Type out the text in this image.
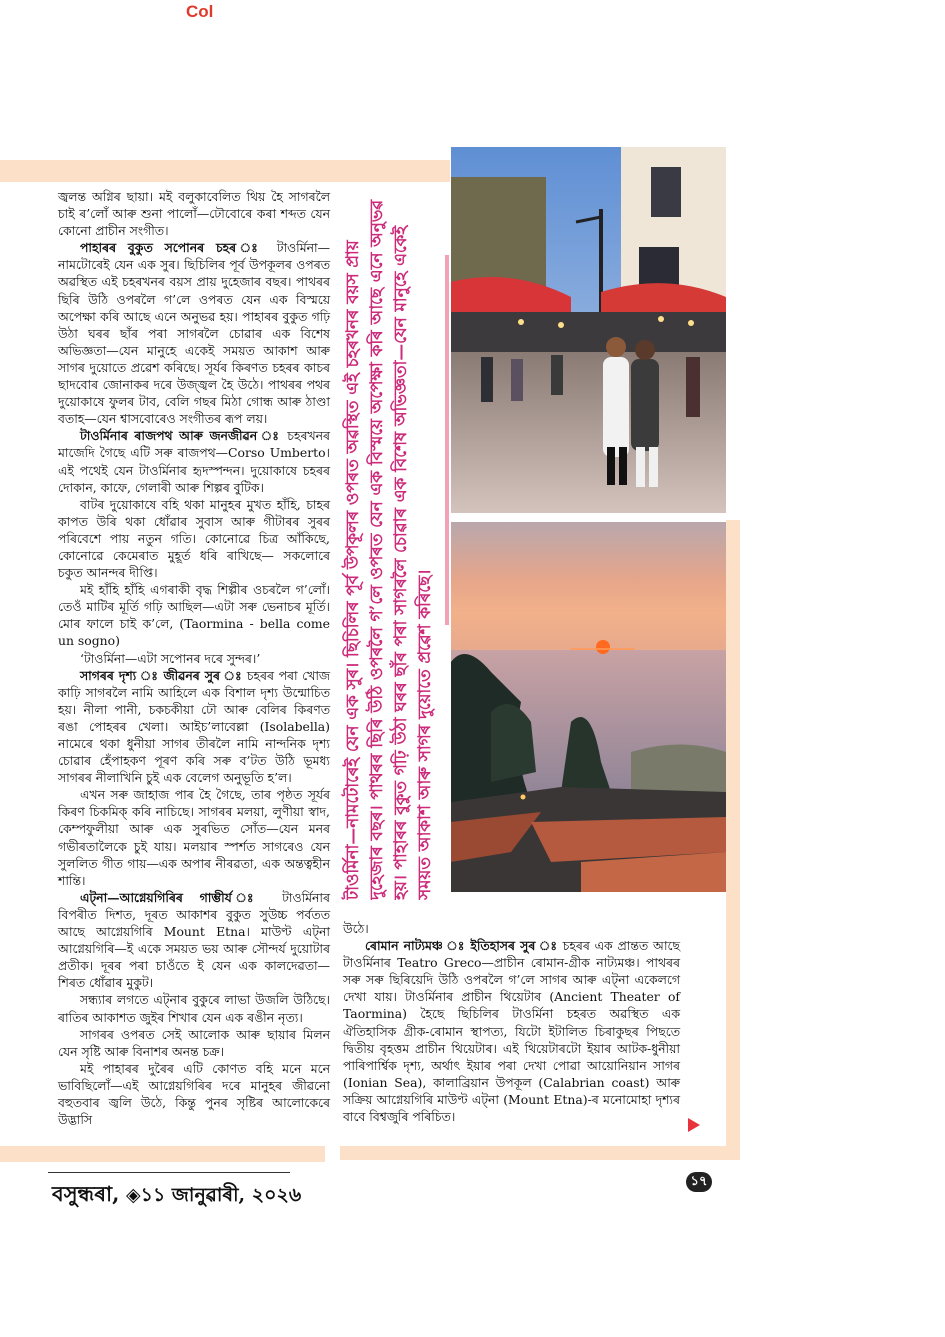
Col

জ্বলন্ত অগ্নিৰ ছায়া। মই বলুকাবেলিত থিয় হৈ সাগৰলৈ চাই ৰ’লোঁ আৰু শুনা পালোঁ—ঢৌবোৰে কৰা শব্দত যেন কোনো প্ৰাচীন সংগীত।

পাহাৰৰ বুকুত সপোনৰ চহৰ ঃ টাওৰ্মিনা—নামটোৰেই যেন এক সুৰ। ছিচিলিৰ পূৰ্ব উপকূলৰ ওপৰত অৱস্থিত এই চহৰখনৰ বয়স প্ৰায় দুহেজাৰ বছৰ। পাথৰৰ ছিৰি উঠি ওপৰলৈ গ’লে ওপৰত যেন এক বিস্ময়ে অপেক্ষা কৰি আছে এনে অনুভৱ হয়। পাহাৰৰ বুকুত গঢ়ি উঠা ঘৰৰ ছাঁৰ পৰা সাগৰলৈ চোৱাৰ এক বিশেষ অভিজ্ঞতা—যেন মানুহে একেই সময়ত আকাশ আৰু সাগৰ দুয়োতে প্ৰৱেশ কৰিছে। সূৰ্যৰ কিৰণত চহৰৰ কাচৰ ছাদবোৰ জোনাকৰ দৰে উজ্জ্বল হৈ উঠে। পাথৰৰ পথৰ দুয়োকাষে ফুলৰ টাব, বেলি গছৰ মিঠা গোন্ধ আৰু ঠাণ্ডা বতাহ—যেন শ্বাসবোৰেও সংগীতৰ ৰূপ লয়।

টাওৰ্মিনাৰ ৰাজপথ আৰু জনজীৱন ঃ চহৰখনৰ মাজেদি গৈছে এটি সৰু ৰাজপথ—Corso Umberto। এই পথেই যেন টাওৰ্মিনাৰ হৃদস্পন্দন। দুয়োকাষে চহৰৰ দোকান, কাফে, গেলাৰী আৰু শিল্পৰ বুটিক।

বাটৰ দুয়োকাষে বহি থকা মানুহৰ মুখত হাঁহি, চাহৰ কাপত উৰি থকা ধোঁৱাৰ সুবাস আৰু গীটাৰৰ সুৰৰ পৰিবেশে পায় নতুন গতি। কোনোৱে চিত্ৰ আঁকিছে, কোনোৱে কেমেৰাত মুহূৰ্ত ধৰি ৰাখিছে— সকলোৰে চকুত আনন্দৰ দীপ্তি।

মই হাঁহি হাঁহি এগৰাকী বৃদ্ধ শিল্পীৰ ওচৰলৈ গ’লোঁ। তেওঁ মাটিৰ মূৰ্তি গঢ়ি আছিল—এটা সৰু ভেনাচৰ মূৰ্তি। মোৰ ফালে চাই ক’লে, (Taormina - bella come un sogno)

‘টাওৰ্মিনা—এটা সপোনৰ দৰে সুন্দৰ।’

সাগৰৰ দৃশ্য ঃ জীৱনৰ সুৰ ঃ চহৰৰ পৰা খোজ কাঢ়ি সাগৰলৈ নামি আহিলে এক বিশাল দৃশ্য উন্মোচিত হয়। নীলা পানী, চকচকীয়া ঢৌ আৰু বেলিৰ কিৰণত ৰঙা পোহৰৰ খেলা। আইচ’লাবেল্লা (Isolabella) নামেৰে থকা ধুনীয়া সাগৰ তীৰলৈ নামি নান্দনিক দৃশ্য চোৱাৰ হেঁপাহকণ পূৰণ কৰি সৰু ব’টত উঠি ভূমধ্য সাগৰৰ নীলাখিনি চুই এক বেলেগ অনুভূতি হ’ল।

এখন সৰু জাহাজ পাৰ হৈ গৈছে, তাৰ পৃষ্ঠত সূৰ্যৰ কিৰণ চিকমিক্ কৰি নাচিছে। সাগৰৰ মলয়া, লুণীয়া স্বাদ, কেম্পফুলীয়া আৰু এক সুৰভিত সোঁত—যেন মনৰ গভীৰতালৈকে চুই যায়। মলয়াৰ স্পৰ্শত সাগৰেও যেন সুললিত গীত গায়—এক অপাৰ নীৰৱতা, এক অন্তত্বহীন শান্তি।

এট্‌না—আগ্নেয়গিৰিৰ গাম্ভীৰ্য ঃ টাওৰ্মিনাৰ বিপৰীত দিশত, দূৰত আকাশৰ বুকুত সুউচ্চ পৰ্বতত আছে আগ্নেয়গিৰি Mount Etna। মাউণ্ট এট্‌না আগ্নেয়গিৰি—ই একে সময়ত ভয় আৰু সৌন্দৰ্য দুয়োটাৰ প্ৰতীক। দূৰৰ পৰা চাওঁতে ই যেন এক কালদেৱতা— শিৰত ধোঁৱাৰ মুকুট।

সন্ধ্যাৰ লগতে এট্‌নাৰ বুকুৰে লাভা উজলি উঠিছে। ৰাতিৰ আকাশত জুইৰ শিখাৰ যেন এক ৰঙীন নৃত্য।

সাগৰৰ ওপৰত সেই আলোক আৰু ছায়াৰ মিলন যেন সৃষ্টি আৰু বিনাশৰ অনন্ত চক্ৰ।

মই পাহাৰৰ দুৰৈৰ এটি কোণত বহি মনে মনে ভাবিছিলোঁ—এই আগ্নেয়গিৰিৰ দৰে মানুহৰ জীৱনো বহুতবাৰ জ্বলি উঠে, কিন্তু পুনৰ সৃষ্টিৰ আলোকেৰে উদ্ভাসি

টাওৰ্মিনা—নামটোৰেই যেন এক সুৰ। ছিচিলিৰ পূৰ্ব উপকূলৰ ওপৰত অৱস্থিত এই চহৰখনৰ বয়স প্ৰায় দুহেজাৰ বছৰ। পাথৰৰ ছিৰি উঠি ওপৰলৈ গ’লে ওপৰত যেন এক বিস্ময়ে অপেক্ষা কৰি আছে এনে অনুভৱ হয়। পাহাৰৰ বুকুত গঢ়ি উঠা ঘৰৰ ছাঁৰ পৰা সাগৰলৈ চোৱাৰ এক বিশেষ অভিজ্ঞতা—যেন মানুহে একেই সময়ত আকাশ আৰু সাগৰ দুয়োতে প্ৰৱেশ কৰিছে।

উঠে।

ৰোমান নাট্যমঞ্চ ঃ ইতিহাসৰ সুৰ ঃ চহৰৰ এক প্ৰান্তত আছে টাওৰ্মিনাৰ Teatro Greco—প্ৰাচীন ৰোমান-গ্ৰীক নাট্যমঞ্চ। পাথৰৰ সৰু সৰু ছিৰিয়েদি উঠি ওপৰলৈ গ’লে সাগৰ আৰু এট্‌না একেলগে দেখা যায়। টাওৰ্মিনাৰ প্ৰাচীন থিয়েটাৰ (Ancient Theater of Taormina) হৈছে ছিচিলিৰ টাওৰ্মিনা চহৰত অৱস্থিত এক ঐতিহাসিক গ্ৰীক-ৰোমান স্থাপত্য, যিটো ইটালিত চিৰাকুছৰ পিছতে দ্বিতীয় বৃহত্তম প্ৰাচীন থিয়েটাৰ। এই থিয়েটাৰটো ইয়াৰ আটক-ধুনীয়া পাৰিপাৰ্শ্বিক দৃশ্য, অৰ্থাৎ ইয়াৰ পৰা দেখা পোৱা আয়োনিয়ান সাগৰ (Ionian Sea), কালাব্ৰিয়ান উপকূল (Calabrian coast) আৰু সক্ৰিয় আগ্নেয়গিৰি মাউণ্ট এট্‌না (Mount Etna)-ৰ মনোমোহা দৃশ্যৰ বাবে বিশ্বজুৰি পৰিচিত।

বসুন্ধৰা, ◈১১ জানুৱাৰী, ২০২৬
১৭
